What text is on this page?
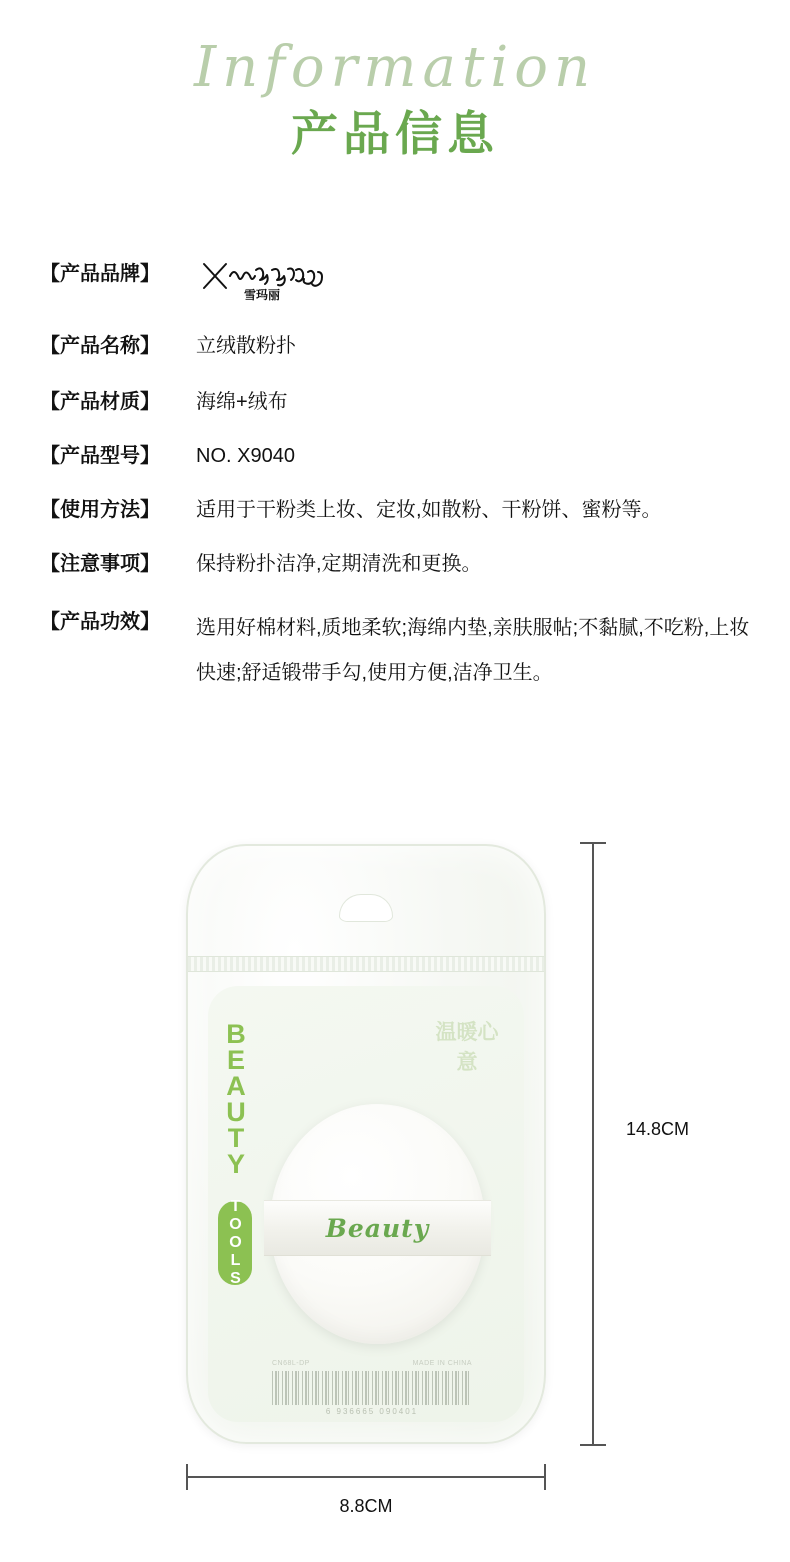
Information
产品信息
【产品品牌】
雪玛丽
【产品名称】	立绒散粉扑
【产品材质】	海绵+绒布
【产品型号】	NO. X9040
【使用方法】	适用于干粉类上妆、定妆,如散粉、干粉饼、蜜粉等。
【注意事项】	保持粉扑洁净,定期清洗和更换。
【产品功效】	选用好棉材料,质地柔软;海绵内垫,亲肤服帖;不黏腻,不吃粉,上妆快速;舒适锻带手勾,使用方便,洁净卫生。
B
E
A
U
T
Y
TOOLS
温暖心意
Beauty
CN68L-DP	MADE IN CHINA
6 936665 090401
14.8CM
8.8CM
